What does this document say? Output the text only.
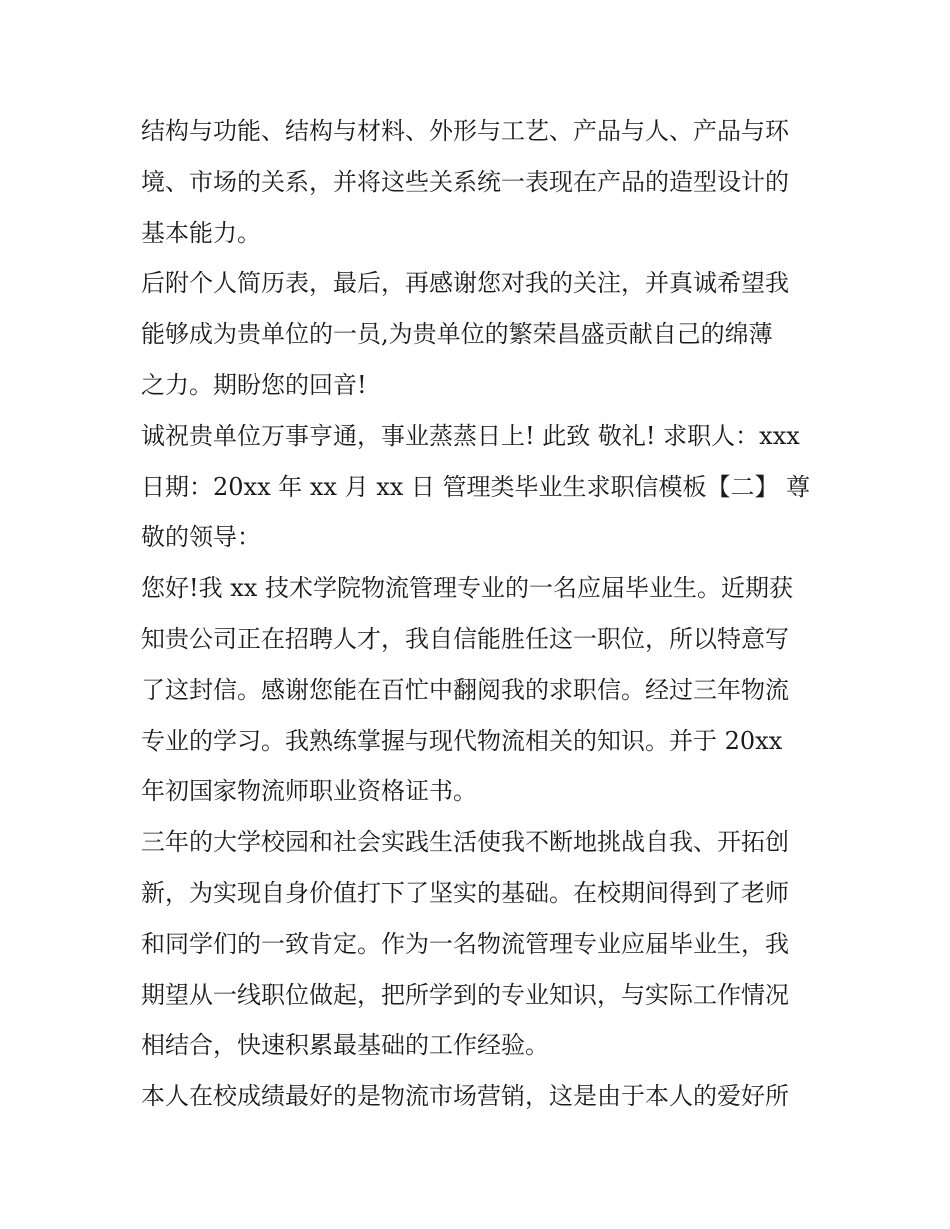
结构与功能、结构与材料、外形与工艺、产品与人、产品与环
境、市场的关系，并将这些关系统一表现在产品的造型设计的
基本能力。
后附个人简历表，最后，再感谢您对我的关注，并真诚希望我
能够成为贵单位的一员,为贵单位的繁荣昌盛贡献自己的绵薄
之力。期盼您的回音!
诚祝贵单位万事亨通，事业蒸蒸日上! 此致 敬礼! 求职人：xxx
日期：20xx 年 xx 月 xx 日 管理类毕业生求职信模板【二】 尊
敬的领导：
您好!我 xx 技术学院物流管理专业的一名应届毕业生。近期获
知贵公司正在招聘人才，我自信能胜任这一职位，所以特意写
了这封信。感谢您能在百忙中翻阅我的求职信。经过三年物流
专业的学习。我熟练掌握与现代物流相关的知识。并于 20xx
年初国家物流师职业资格证书。
三年的大学校园和社会实践生活使我不断地挑战自我、开拓创
新，为实现自身价值打下了坚实的基础。在校期间得到了老师
和同学们的一致肯定。作为一名物流管理专业应届毕业生，我
期望从一线职位做起，把所学到的专业知识，与实际工作情况
相结合，快速积累最基础的工作经验。
本人在校成绩最好的是物流市场营销，这是由于本人的爱好所
